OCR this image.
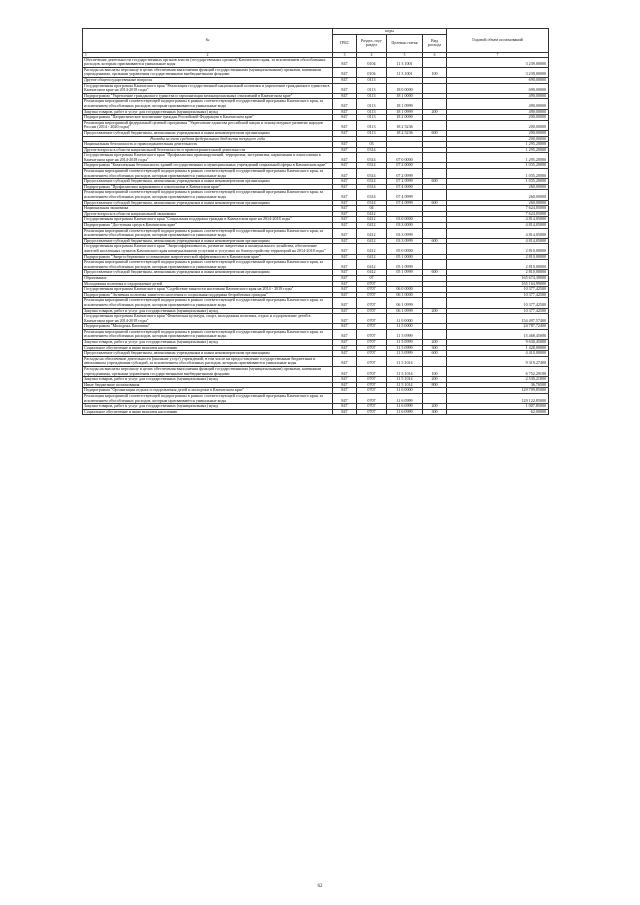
№	коды				Годовой объем ассигнований
	ГРБС	Раздел, под-раздел	Целевая статья	Вид расхода	

1 2	3	4	5	6	7
Обеспечение деятельности государственных органов власти (государственных органов) Камчатского края, за исключением обособленных расходов, которым присваиваются уникальные коды	847	0104	11 3 1001		3 239,00000
Расходы на выплаты персоналу в целях обеспечения выполнения функций государственными (муниципальными) органами, казенными учреждениями, органами управления государственными внебюджетными фондами	847	0104	11 3 1001	100	3 239,00000
Другие общегосударственные вопросы	847	0113			690,00000
Государственная программа Камчатского края "Реализация государственной национальной политики и укрепление гражданского единства в Камчатском крае на 2014-2018 годы"	847	0113	18 0 0000		690,00000
Подпрограмма "Укрепление гражданского единства и гармонизация межнациональных отношений в Камчатском крае"	847	0113	18 1 0000		490,00000
Реализация мероприятий соответствующей подпрограммы в рамках соответствующей государственной программы Камчатского края, за исключением обособленных расходов, которым присваиваются уникальные коды	847	0113	18 1 0999		490,00000
Закупка товаров, работ и услуг для государственных (муниципальных) нужд	847	0113	18 1 0999	200	490,00000
Подпрограмма "Патриотическое воспитание граждан Российской Федерации в Камчатском крае"	847	0113	18 2 0000		200,00000
Реализация мероприятий федеральной целевой программы "Укрепление единства российской нации и этнокультурное развитие народов России (2014 - 2020 годы)"	847	0113	18 2 5236		200,00000
Предоставление субсидий бюджетным, автономным учреждениям и иным некоммерческим организациям	847	0113	18 2 5236	600	200,00000
Расходы за счет средств федерального бюджета текущего года					200,00000
Национальная безопасность и правоохранительная деятельность	847	03			1 295,20000
Другие вопросы в области национальной безопасности и правоохранительной деятельности	847	0314			1 295,20000
Государственная программа Камчатского края "Профилактика правонарушений, терроризма, экстремизма, наркомании и алкоголизма в Камчатском крае на 2014-2018 годы"	847	0314	07 0 0000		1 295,20000
Подпрограмма "Комплексная безопасность зданий государственных и муниципальных учреждений социальной сферы в Камчатском крае"	847	0314	07 2 0000		1 035,20000
Реализация мероприятий соответствующей подпрограммы в рамках соответствующей государственной программы Камчатского края, за исключением обособленных расходов, которым присваиваются уникальные коды	847	0314	07 2 0999		1 035,20000
Предоставление субсидий бюджетным, автономным учреждениям и иным некоммерческим организациям	847	0314	07 2 0999	600	1 035,20000
Подпрограмма "Профилактика наркомании и алкоголизма в Камчатском крае"	847	0314	07 4 0000		260,00000
Реализация мероприятий соответствующей подпрограммы в рамках соответствующей государственной программы Камчатского края, за исключением обособленных расходов, которым присваиваются уникальные коды	847	0314	07 4 0999		260,00000
Предоставление субсидий бюджетным, автономным учреждениям и иным некоммерческим организациям	847	0314	07 4 0999	600	260,00000
Национальная экономика	847	04			7 624,05000
Другие вопросы в области национальной экономики	847	0412			7 624,05000
Государственная программа Камчатского края "Социальная поддержка граждан в Камчатском крае на 2014-2018 годы"	847	0412	03 0 0000		4 814,05000
Подпрограмма "Доступная среда в Камчатском крае"	847	0412	03 3 0000		4 814,05000
Реализация мероприятий соответствующей подпрограммы в рамках соответствующей государственной программы Камчатского края, за исключением обособленных расходов, которым присваиваются уникальные коды	847	0412	03 3 0999		4 814,05000
Предоставление субсидий бюджетным, автономным учреждениям и иным некоммерческим организациям	847	0412	03 3 0999	600	4 814,05000
Государственная программа Камчатского края "Энергоэффективность, развитие энергетики и коммунального хозяйства, обеспечение жителей населенных пунктов Камчатского края коммунальными услугами и услугами по благоустройству территорий на 2014-2018 годы"	847	0412	05 0 0000		2 810,00000
Подпрограмма "Энергосбережение и повышение энергетической эффективности в Камчатском крае"	847	0412	05 1 0000		2 810,00000
Реализация мероприятий соответствующей подпрограммы в рамках соответствующей государственной программы Камчатского края, за исключением обособленных расходов, которым присваиваются уникальные коды	847	0412	05 1 0999		2 810,00000
Предоставление субсидий бюджетным, автономным учреждениям и иным некоммерческим организациям	847	0412	05 1 0999	600	2 810,00000
Образование	847	07			165 674,39000
Молодежная политика и оздоровление детей	847	0707			165 164,99000
Государственная программа Камчатского края "Содействие занятости населения Камчатского края на 2014 - 2018 годы"	847	0707	06 0 0000		10 377,42500
Подпрограмма "Активная политика занятости населения и социальная поддержка безработных граждан"	847	0707	06 1 0000		10 377,42500
Реализация мероприятий соответствующей подпрограммы в рамках соответствующей государственной программы Камчатского края, за исключением обособленных расходов, которым присваиваются уникальные коды	847	0707	06 1 0999		10 377,42500
Закупка товаров, работ и услуг для государственных (муниципальных) нужд	847	0707	06 1 0999	200	10 377,42500
Государственная программа Камчатского края "Физическая культура, спорт, молодежная политика, отдых и оздоровление детей в Камчатском крае на 2014-2018 годы"	847	0707	11 0 0000		154 497,57400
Подпрограмма "Молодежь Камчатки"	847	0707	11 5 0000		24 787,72400
Реализация мероприятий соответствующей подпрограммы в рамках соответствующей государственной программы Камчатского края, за исключением обособленных расходов, которым присваиваются уникальные коды	847	0707	11 5 0999		15 468,45000
Закупка товаров, работ и услуг для государственных (муниципальных) нужд	847	0707	11 5 0999	200	9 630,45000
Социальное обеспечение и иные выплаты населению	847	0707	11 5 0999	300	1 428,00000
Предоставление субсидий бюджетным, автономным учреждениям и иным некоммерческим организациям	847	0707	11 5 0999	600	4 410,00000
Расходы на обеспечение деятельности (оказание услуг) учреждений, в том числе на предоставление государственным бюджетным и автономным учреждениям субсидий, за исключением обособленных расходов, которым присваиваются уникальные коды	847	0707	11 5 1014		9 319,27400
Расходы на выплаты персоналу в целях обеспечения выполнения функций государственными (муниципальными) органами, казенными учреждениями, органами управления государственными внебюджетными фондами	847	0707	11 5 1014	100	6 752,29100
Закупка товаров, работ и услуг для государственных (муниципальных) нужд	847	0707	11 5 1014	200	2 530,21800
Иные бюджетные ассигнования	847	0707	11 5 1014	800	36,76500
Подпрограмма "Организация отдыха и оздоровления детей и молодежи в Камчатском крае"	847	0707	11 6 0000		129 709,85000
Реализация мероприятий соответствующей подпрограммы в рамках соответствующей государственной программы Камчатского края, за исключением обособленных расходов, которым присваиваются уникальные коды	847	0707	11 6 0999		129 122,85000
Закупка товаров, работ и услуг для государственных (муниципальных) нужд	847	0707	11 6 0999	200	1 007,85000
Социальное обеспечение и иные выплаты населению	847	0707	11 6 0999	300	62,00000
62
